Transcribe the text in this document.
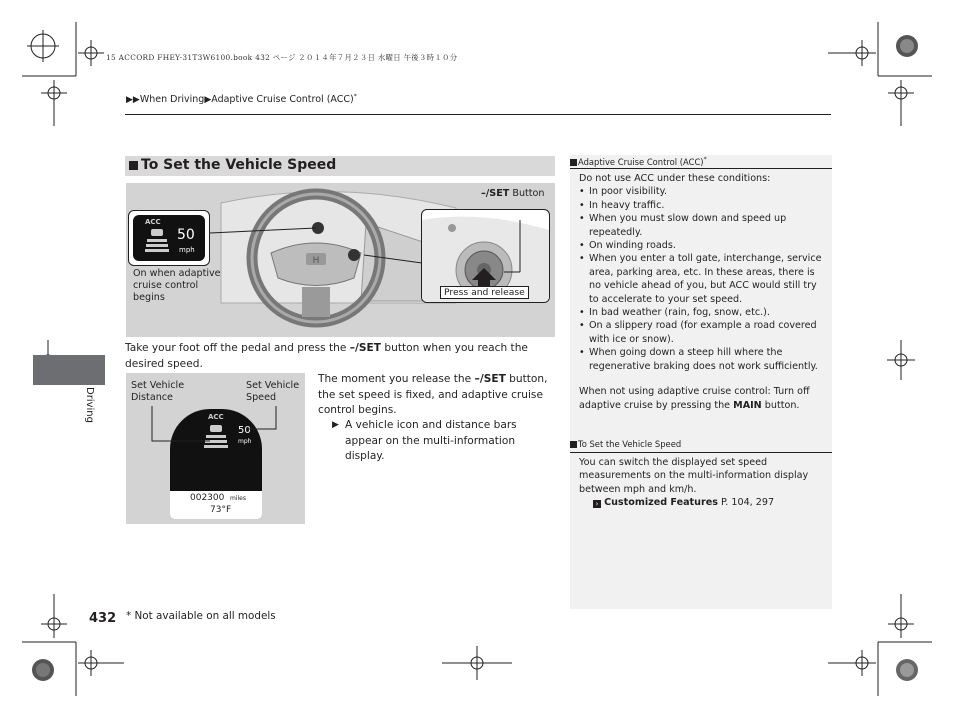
15 ACCORD FHEY-31T3W6100.book 432 ページ ２０１４年７月２３日 水曜日 午後３時１０分
▶▶When Driving▶Adaptive Cruise Control (ACC)*
Driving
To Set the Vehicle Speed
H
ACC
50
mph
On when adaptive cruise control begins
–/SET Button
Press and release
Take your foot off the pedal and press the –/SET button when you reach the desired speed.
Set Vehicle Distance
Set Vehicle Speed
ACC
50
mph
002300 miles
73°F
The moment you release the –/SET button, the set speed is fixed, and adaptive cruise control begins.
▶ A vehicle icon and distance bars appear on the multi-information display.
Adaptive Cruise Control (ACC)*
Do not use ACC under these conditions:
• In poor visibility.
• In heavy traffic.
• When you must slow down and speed up repeatedly.
• On winding roads.
• When you enter a toll gate, interchange, service area, parking area, etc. In these areas, there is no vehicle ahead of you, but ACC would still try to accelerate to your set speed.
• In bad weather (rain, fog, snow, etc.).
• On a slippery road (for example a road covered with ice or snow).
• When going down a steep hill where the regenerative braking does not work sufficiently.
When not using adaptive cruise control: Turn off adaptive cruise by pressing the MAIN button.
To Set the Vehicle Speed
You can switch the displayed set speed measurements on the multi-information display between mph and km/h.
› Customized Features P. 104, 297
432 * Not available on all models
